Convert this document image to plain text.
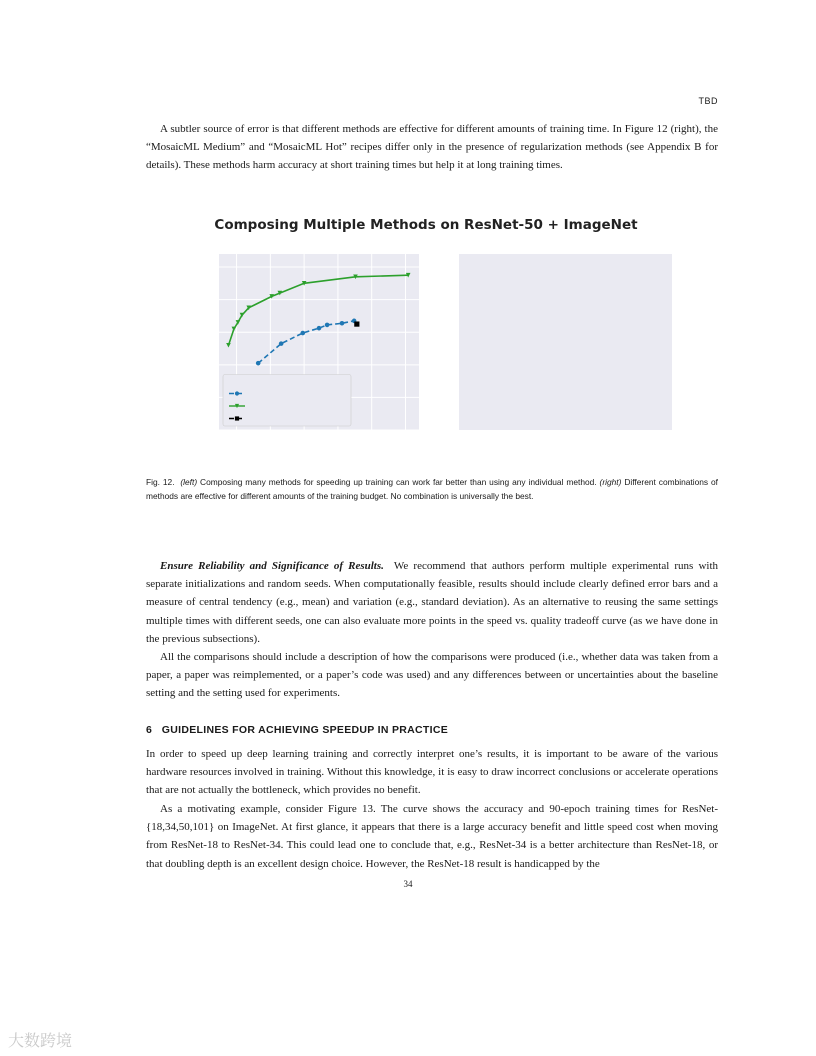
TBD

A subtler source of error is that different methods are effective for different amounts of training time. In Figure 12 (right), the “MosaicML Medium” and “MosaicML Hot” recipes differ only in the presence of regularization methods (see Appendix B for details). These methods harm accuracy at short training times but help it at long training times.

Composing Multiple Methods on ResNet-50 + ImageNet
Fig. 12. (left) Composing many methods for speeding up training can work far better than using any individual method. (right) Different combinations of methods are effective for different amounts of the training budget. No combination is universally the best.

Ensure Reliability and Significance of Results. We recommend that authors perform multiple experimental runs with separate initializations and random seeds. When computationally feasible, results should include clearly defined error bars and a measure of central tendency (e.g., mean) and variation (e.g., standard deviation). As an alternative to reusing the same settings multiple times with different seeds, one can also evaluate more points in the speed vs. quality tradeoff curve (as we have done in the previous subsections).

All the comparisons should include a description of how the comparisons were produced (i.e., whether data was taken from a paper, a paper was reimplemented, or a paper’s code was used) and any differences between or uncertainties about the baseline setting and the setting used for experiments.

6   GUIDELINES FOR ACHIEVING SPEEDUP IN PRACTICE

In order to speed up deep learning training and correctly interpret one’s results, it is important to be aware of the various hardware resources involved in training. Without this knowledge, it is easy to draw incorrect conclusions or accelerate operations that are not actually the bottleneck, which provides no benefit.

As a motivating example, consider Figure 13. The curve shows the accuracy and 90-epoch training times for ResNet-{18,34,50,101} on ImageNet. At first glance, it appears that there is a large accuracy benefit and little speed cost when moving from ResNet-18 to ResNet-34. This could lead one to conclude that, e.g., ResNet-34 is a better architecture than ResNet-18, or that doubling depth is an excellent design choice. However, the ResNet-18 result is handicapped by the

34
大数跨境
